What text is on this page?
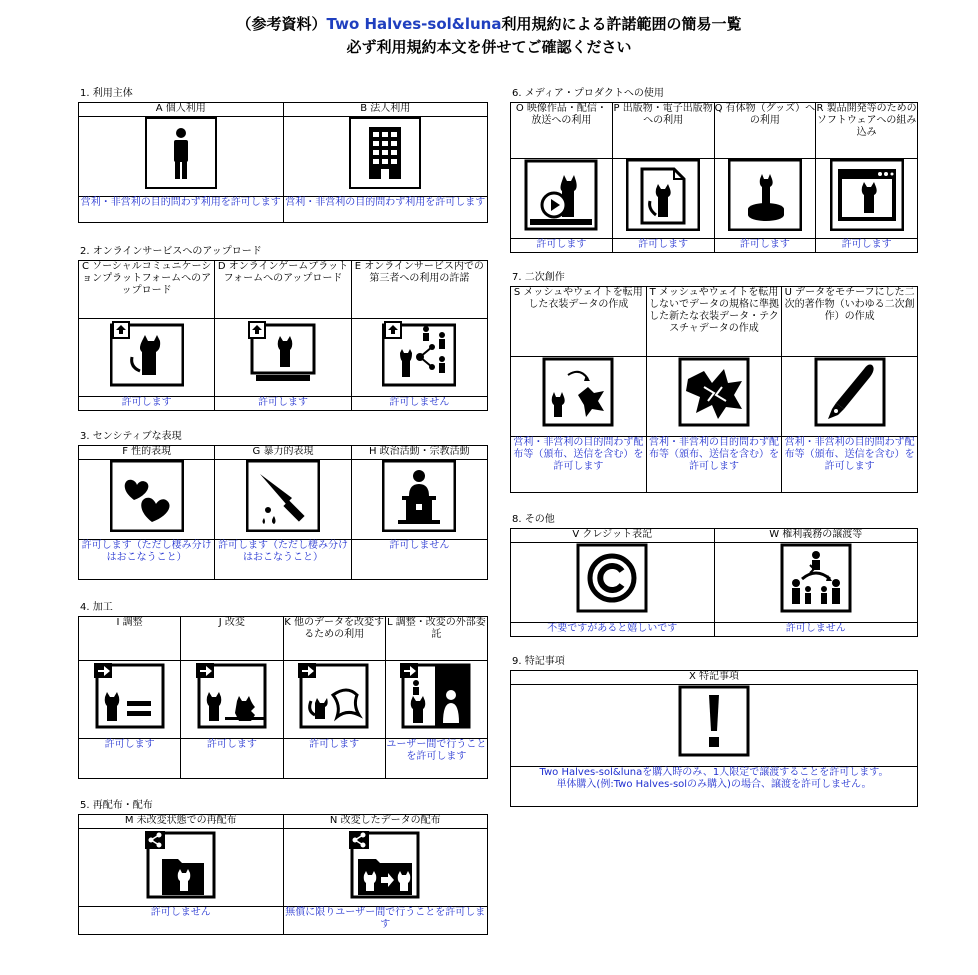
（参考資料）Two Halves-sol&luna利用規約による許諾範囲の簡易一覧
必ず利用規約本文を併せてご確認ください
1. 利用主体
A 個人利用	B 法人利用

営利・非営利の目的問わず利用を許可します	営利・非営利の目的問わず利用を許可します
2. オンラインサービスへのアップロード
C ソーシャルコミュニケーションプラットフォームへのアップロード	D オンラインゲームプラットフォームへのアップロード	E オンラインサービス内での第三者への利用の許諾

許可します	許可します	許可しません
3. センシティブな表現
F 性的表現	G 暴力的表現	H 政治活動・宗教活動

許可します（ただし棲み分けはおこなうこと）	許可します（ただし棲み分けはおこなうこと）	許可しません
4. 加工
I 調整	J 改変	K 他のデータを改変するための利用	L 調整・改変の外部委託

許可します	許可します	許可します	ユーザー間で行うことを許可します
5. 再配布・配布
M 未改変状態での再配布	N 改変したデータの配布

許可しません	無償に限りユーザー間で行うことを許可します
6. メディア・プロダクトへの使用
O 映像作品・配信・放送への利用	P 出版物・電子出版物への利用	Q 有体物（グッズ）への利用	R 製品開発等のためのソフトウェアへの組み込み

許可します	許可します	許可します	許可します
7. 二次創作
S メッシュやウェイトを転用した衣装データの作成	T メッシュやウェイトを転用しないでデータの規格に準拠した新たな衣装データ・テクスチャデータの作成	U データをモチーフにした二次的著作物（いわゆる二次創作）の作成

営利・非営利の目的問わず配布等（頒布、送信を含む）を許可します	営利・非営利の目的問わず配布等（頒布、送信を含む）を許可します	営利・非営利の目的問わず配布等（頒布、送信を含む）を許可します
8. その他
V クレジット表記	W 権利義務の譲渡等

不要ですがあると嬉しいです	許可しません
9. 特記事項
X 特記事項

Two Halves-sol&lunaを購入時のみ、1人限定で譲渡することを許可します。
単体購入(例:Two Halves-solのみ購入)の場合、譲渡を許可しません。
